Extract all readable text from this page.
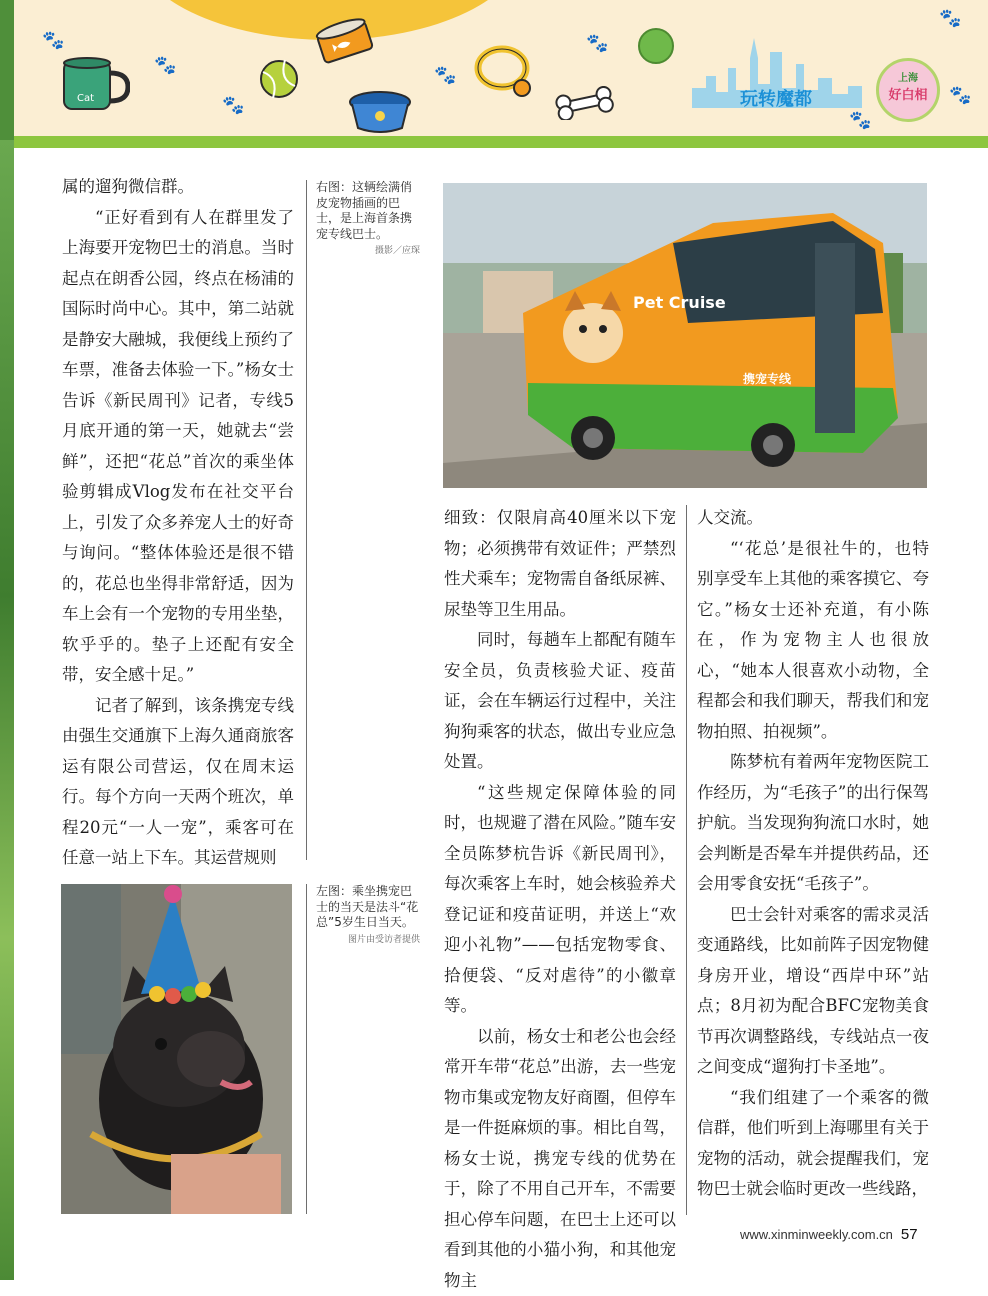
🐾
🐾
🐾
🐾
🐾
🐾
🐾
🐾
Cat	玩转魔都
上海
好白相

属的遛狗微信群。

“正好看到有人在群里发了上海要开宠物巴士的消息。当时起点在朗香公园，终点在杨浦的国际时尚中心。其中，第二站就是静安大融城，我便线上预约了车票，准备去体验一下。”杨女士告诉《新民周刊》记者，专线5月底开通的第一天，她就去“尝鲜”，还把“花总”首次的乘坐体验剪辑成Vlog发布在社交平台上，引发了众多养宠人士的好奇与询问。“整体体验还是很不错的，花总也坐得非常舒适，因为车上会有一个宠物的专用坐垫，软乎乎的。垫子上还配有安全带，安全感十足。”

记者了解到，该条携宠专线由强生交通旗下上海久通商旅客运有限公司营运，仅在周末运行。每个方向一天两个班次，单程20元“一人一宠”，乘客可在任意一站上下车。其运营规则

细致：仅限肩高40厘米以下宠物；必须携带有效证件；严禁烈性犬乘车；宠物需自备纸尿裤、尿垫等卫生用品。

同时，每趟车上都配有随车安全员，负责核验犬证、疫苗证，会在车辆运行过程中，关注狗狗乘客的状态，做出专业应急处置。

“这些规定保障体验的同时，也规避了潜在风险。”随车安全员陈梦杭告诉《新民周刊》，每次乘客上车时，她会核验养犬登记证和疫苗证明，并送上“欢迎小礼物”——包括宠物零食、拾便袋、“反对虐待”的小徽章等。

以前，杨女士和老公也会经常开车带“花总”出游，去一些宠物市集或宠物友好商圈，但停车是一件挺麻烦的事。相比自驾，杨女士说，携宠专线的优势在于，除了不用自己开车，不需要担心停车问题，在巴士上还可以看到其他的小猫小狗，和其他宠物主

人交流。

“‘花总’是很社牛的，也特别享受车上其他的乘客摸它、夸它。”杨女士还补充道，有小陈在，作为宠物主人也很放心，“她本人很喜欢小动物，全程都会和我们聊天，帮我们和宠物拍照、拍视频”。

陈梦杭有着两年宠物医院工作经历，为“毛孩子”的出行保驾护航。当发现狗狗流口水时，她会判断是否晕车并提供药品，还会用零食安抚“毛孩子”。

巴士会针对乘客的需求灵活变通路线，比如前阵子因宠物健身房开业，增设“西岸中环”站点；8月初为配合BFC宠物美食节再次调整路线，专线站点一夜之间变成“遛狗打卡圣地”。

“我们组建了一个乘客的微信群，他们听到上海哪里有关于宠物的活动，就会提醒我们，宠物巴士就会临时更改一些线路，

右图：这辆绘满俏皮宠物插画的巴士，是上海首条携宠专线巴士。
摄影／应琛
左图：乘坐携宠巴士的当天是法斗“花总”5岁生日当天。
图片由受访者提供
Pet Cruise
携宠专线
www.xinminweekly.com.cn 57
